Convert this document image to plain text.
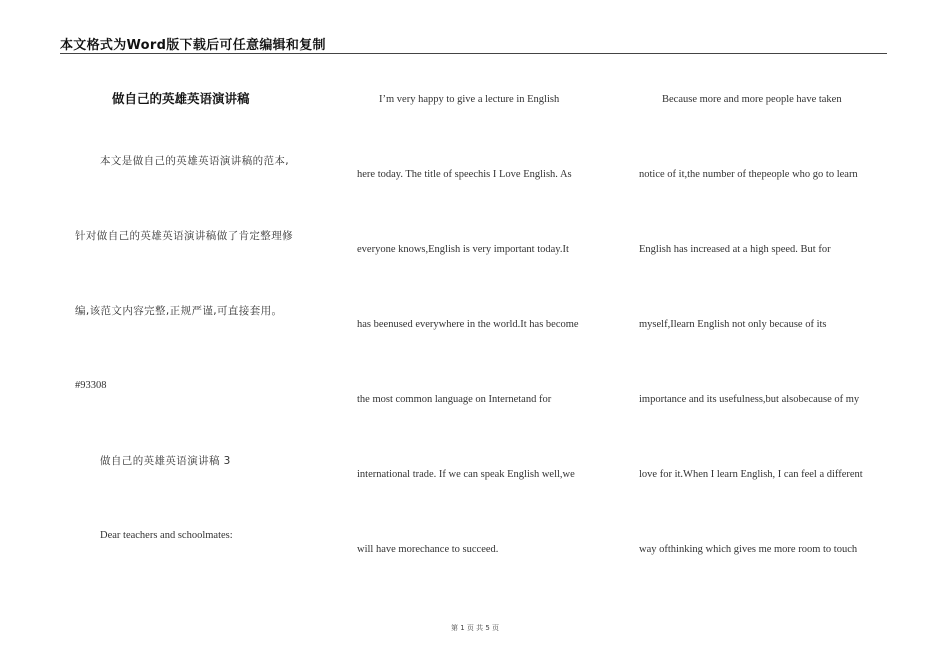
本文格式为Word版下载后可任意编辑和复制
做自己的英雄英语演讲稿
本文是做自己的英雄英语演讲稿的范本,
针对做自己的英雄英语演讲稿做了肯定整理修
编,该范文内容完整,正规严谨,可直接套用。
#93308
做自己的英雄英语演讲稿 3
Dear teachers and schoolmates:
I’m very happy to give a lecture in English
here today. The title of speechis I Love English. As
everyone knows,English is very important today.It
has beenused everywhere in the world.It has become
the most common language on Internetand for
international trade. If we can speak English well,we
will have morechance to succeed.
Because more and more people have taken
notice of it,the number of thepeople who go to learn
English has increased at a high speed. But for
myself,Ilearn English not only because of its
importance and its usefulness,but alsobecause of my
love for it.When I learn English, I can feel a different
way ofthinking which gives me more room to touch
第 1 页 共 5 页
